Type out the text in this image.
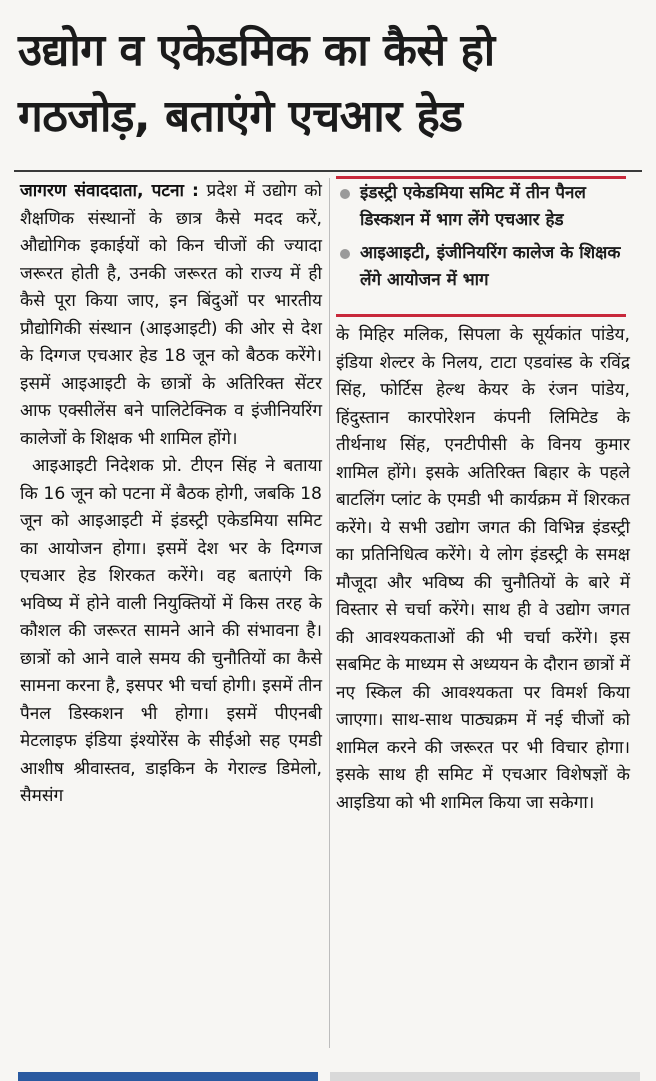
उद्योग व एकेडमिक का कैसे हो
गठजोड़, बताएंगे एचआर हेड

जागरण संवाददाता, पटना : प्रदेश में उद्योग को शैक्षणिक संस्थानों के छात्र कैसे मदद करें, औद्योगिक इकाईयों को किन चीजों की ज्यादा जरूरत होती है, उनकी जरूरत को राज्य में ही कैसे पूरा किया जाए, इन बिंदुओं पर भारतीय प्रौद्योगिकी संस्थान (आइआइटी) की ओर से देश के दिग्गज एचआर हेड 18 जून को बैठक करेंगे। इसमें आइआइटी के छात्रों के अतिरिक्त सेंटर आफ एक्सीलेंस बने पालिटेक्निक व इंजीनियरिंग कालेजों के शिक्षक भी शामिल होंगे।

आइआइटी निदेशक प्रो. टीएन सिंह ने बताया कि 16 जून को पटना में बैठक होगी, जबकि 18 जून को आइआइटी में इंडस्ट्री एकेडमिया समिट का आयोजन होगा। इसमें देश भर के दिग्गज एचआर हेड शिरकत करेंगे। वह बताएंगे कि भविष्य में होने वाली नियुक्तियों में किस तरह के कौशल की जरूरत सामने आने की संभावना है। छात्रों को आने वाले समय की चुनौतियों का कैसे सामना करना है, इसपर भी चर्चा होगी। इसमें तीन पैनल डिस्कशन भी होगा। इसमें पीएनबी मेटलाइफ इंडिया इंश्योरेंस के सीईओ सह एमडी आशीष श्रीवास्तव, डाइकिन के गेराल्ड डिमेलो, सैमसंग

इंडस्ट्री एकेडमिया समिट में तीन पैनल डिस्कशन में भाग लेंगे एचआर हेड
आइआइटी, इंजीनियरिंग कालेज के शिक्षक लेंगे आयोजन में भाग

के मिहिर मलिक, सिपला के सूर्यकांत पांडेय, इंडिया शेल्टर के निलय, टाटा एडवांस्ड के रविंद्र सिंह, फोर्टिस हेल्थ केयर के रंजन पांडेय, हिंदुस्तान कारपोरेशन कंपनी लिमिटेड के तीर्थनाथ सिंह, एनटीपीसी के विनय कुमार शामिल होंगे। इसके अतिरिक्त बिहार के पहले बाटलिंग प्लांट के एमडी भी कार्यक्रम में शिरकत करेंगे। ये सभी उद्योग जगत की विभिन्न इंडस्ट्री का प्रतिनिधित्व करेंगे। ये लोग इंडस्ट्री के समक्ष मौजूदा और भविष्य की चुनौतियों के बारे में विस्तार से चर्चा करेंगे। साथ ही वे उद्योग जगत की आवश्यकताओं की भी चर्चा करेंगे। इस सबमिट के माध्यम से अध्ययन के दौरान छात्रों में नए स्किल की आवश्यकता पर विमर्श किया जाएगा। साथ-साथ पाठ्यक्रम में नई चीजों को शामिल करने की जरूरत पर भी विचार होगा। इसके साथ ही समिट में एचआर विशेषज्ञों के आइडिया को भी शामिल किया जा सकेगा।
